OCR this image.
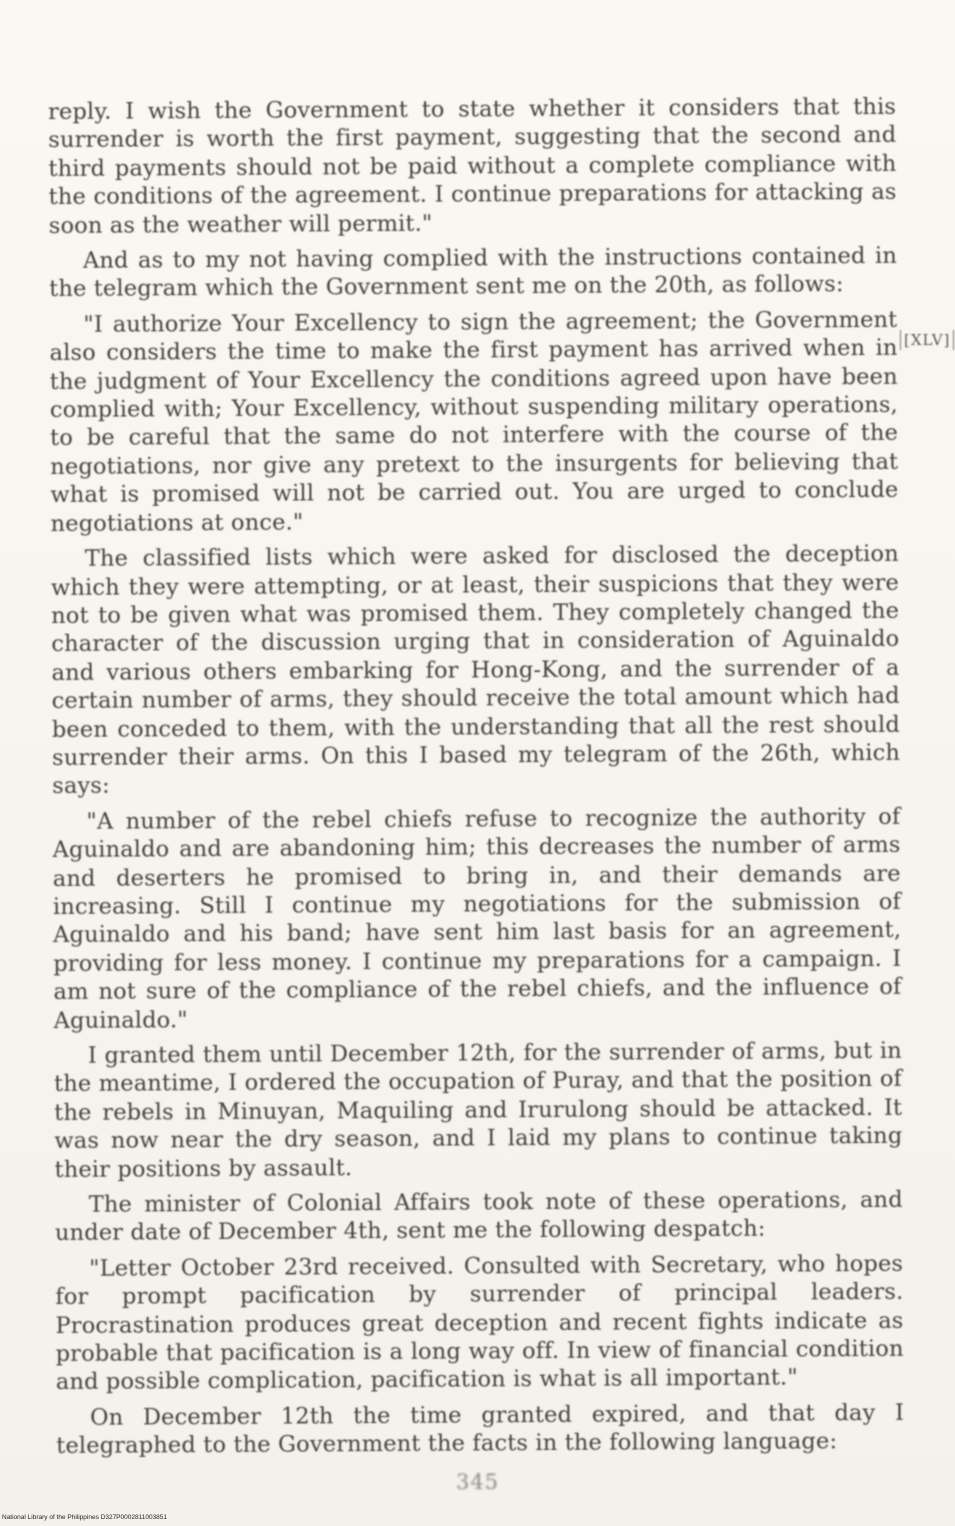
reply. I wish the Government to state whether it considers that this surrender is worth the first payment, suggesting that the second and third payments should not be paid without a complete compliance with the conditions of the agreement. I continue preparations for attacking as soon as the weather will permit."

And as to my not having complied with the instructions contained in the telegram which the Government sent me on the 20th, as follows:

"I authorize Your Excellency to sign the agreement; the Government also considers the time to make the first payment has arrived when in the judgment of Your Excellency the conditions agreed upon have been complied with; Your Excellency, without suspending military operations, to be careful that the same do not interfere with the course of the negotiations, nor give any pretext to the insurgents for believing that what is promised will not be carried out. You are urged to conclude negotiations at once."

The classified lists which were asked for disclosed the deception which they were attempting, or at least, their suspicions that they were not to be given what was promised them. They completely changed the character of the discussion urging that in consideration of Aguinaldo and various others embarking for Hong-Kong, and the surrender of a certain number of arms, they should receive the total amount which had been conceded to them, with the understanding that all the rest should surrender their arms. On this I based my telegram of the 26th, which says:

"A number of the rebel chiefs refuse to recognize the authority of Aguinaldo and are abandoning him; this decreases the number of arms and deserters he promised to bring in, and their demands are increasing. Still I continue my negotiations for the submission of Aguinaldo and his band; have sent him last basis for an agreement, providing for less money. I continue my preparations for a campaign. I am not sure of the compliance of the rebel chiefs, and the influence of Aguinaldo."

I granted them until December 12th, for the surrender of arms, but in the meantime, I ordered the occupation of Puray, and that the position of the rebels in Minuyan, Maquiling and Irurulong should be attacked. It was now near the dry season, and I laid my plans to continue taking their positions by assault.

The minister of Colonial Affairs took note of these operations, and under date of December 4th, sent me the following despatch:

"Letter October 23rd received. Consulted with Secretary, who hopes for prompt pacification by surrender of principal leaders. Procrastination produces great deception and recent fights indicate as probable that pacification is a long way off. In view of financial condition and possible complication, pacification is what is all important."

On December 12th the time granted expired, and that day I telegraphed to the Government the facts in the following language:

[XLV]
345
National Library of the Philippines D327P0002811003851
